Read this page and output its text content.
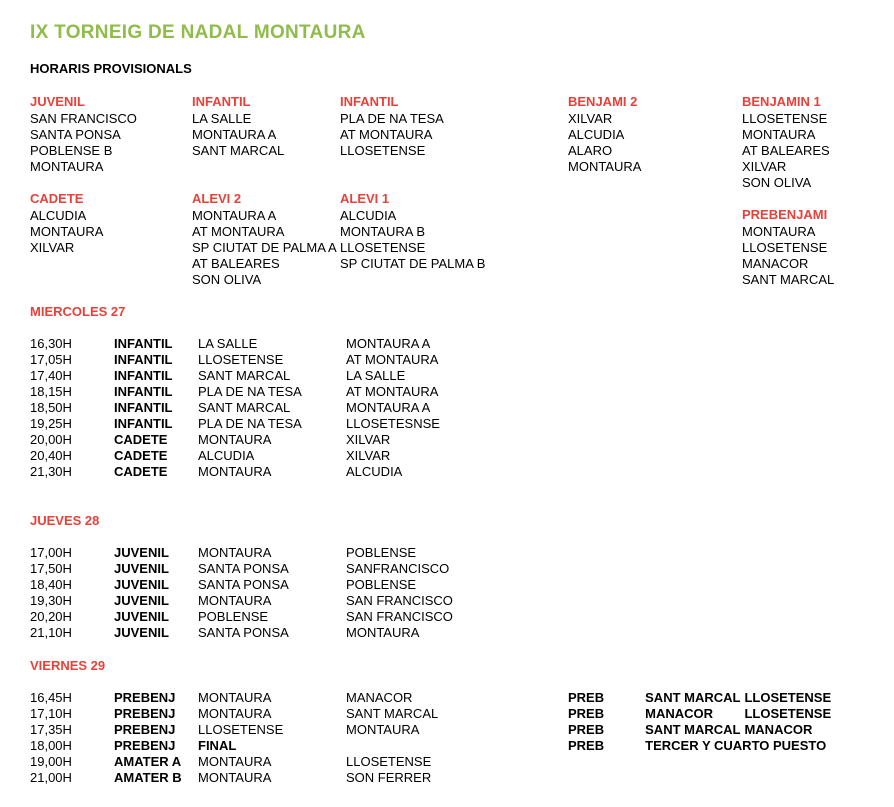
IX TORNEIG DE NADAL MONTAURA
HORARIS PROVISIONALS
JUVENIL
SAN FRANCISCO
SANTA PONSA
POBLENSE B
MONTAURA
INFANTIL
LA SALLE
MONTAURA A
SANT MARCAL
INFANTIL
PLA DE NA TESA
AT MONTAURA
LLOSETENSE
BENJAMI 2
XILVAR
ALCUDIA
ALARO
MONTAURA
BENJAMIN 1
LLOSETENSE
MONTAURA
AT BALEARES
XILVAR
SON OLIVA
CADETE
ALCUDIA
MONTAURA
XILVAR
ALEVI 2
MONTAURA A
AT MONTAURA
SP CIUTAT DE PALMA A
AT BALEARES
SON OLIVA
ALEVI 1
ALCUDIA
MONTAURA B
LLOSETENSE
SP CIUTAT DE PALMA B
PREBENJAMI
MONTAURA
LLOSETENSE
MANACOR
SANT MARCAL
MIERCOLES 27
16,30H	INFANTIL	LA SALLE	MONTAURA A
17,05H	INFANTIL	LLOSETENSE	AT MONTAURA
17,40H	INFANTIL	SANT MARCAL	LA SALLE
18,15H	INFANTIL	PLA DE NA TESA	AT MONTAURA
18,50H	INFANTIL	SANT MARCAL	MONTAURA A
19,25H	INFANTIL	PLA DE NA TESA	LLOSETESNSE
20,00H	CADETE	MONTAURA	XILVAR
20,40H	CADETE	ALCUDIA	XILVAR
21,30H	CADETE	MONTAURA	ALCUDIA
JUEVES 28
17,00H	JUVENIL	MONTAURA	POBLENSE
17,50H	JUVENIL	SANTA PONSA	SANFRANCISCO
18,40H	JUVENIL	SANTA PONSA	POBLENSE
19,30H	JUVENIL	MONTAURA	SAN FRANCISCO
20,20H	JUVENIL	POBLENSE	SAN FRANCISCO
21,10H	JUVENIL	SANTA PONSA	MONTAURA
VIERNES 29
16,45H	PREBENJ	MONTAURA	MANACOR
17,10H	PREBENJ	MONTAURA	SANT MARCAL
17,35H	PREBENJ	LLOSETENSE	MONTAURA
18,00H	PREBENJ	FINAL	
19,00H	AMATER A	MONTAURA	LLOSETENSE
21,00H	AMATER B	MONTAURA	SON FERRER
PREB	SANT MARCAL	LLOSETENSE
PREB	MANACOR	LLOSETENSE
PREB	SANT MARCAL	MANACOR
PREB	TERCER Y CUARTO PUESTO	
